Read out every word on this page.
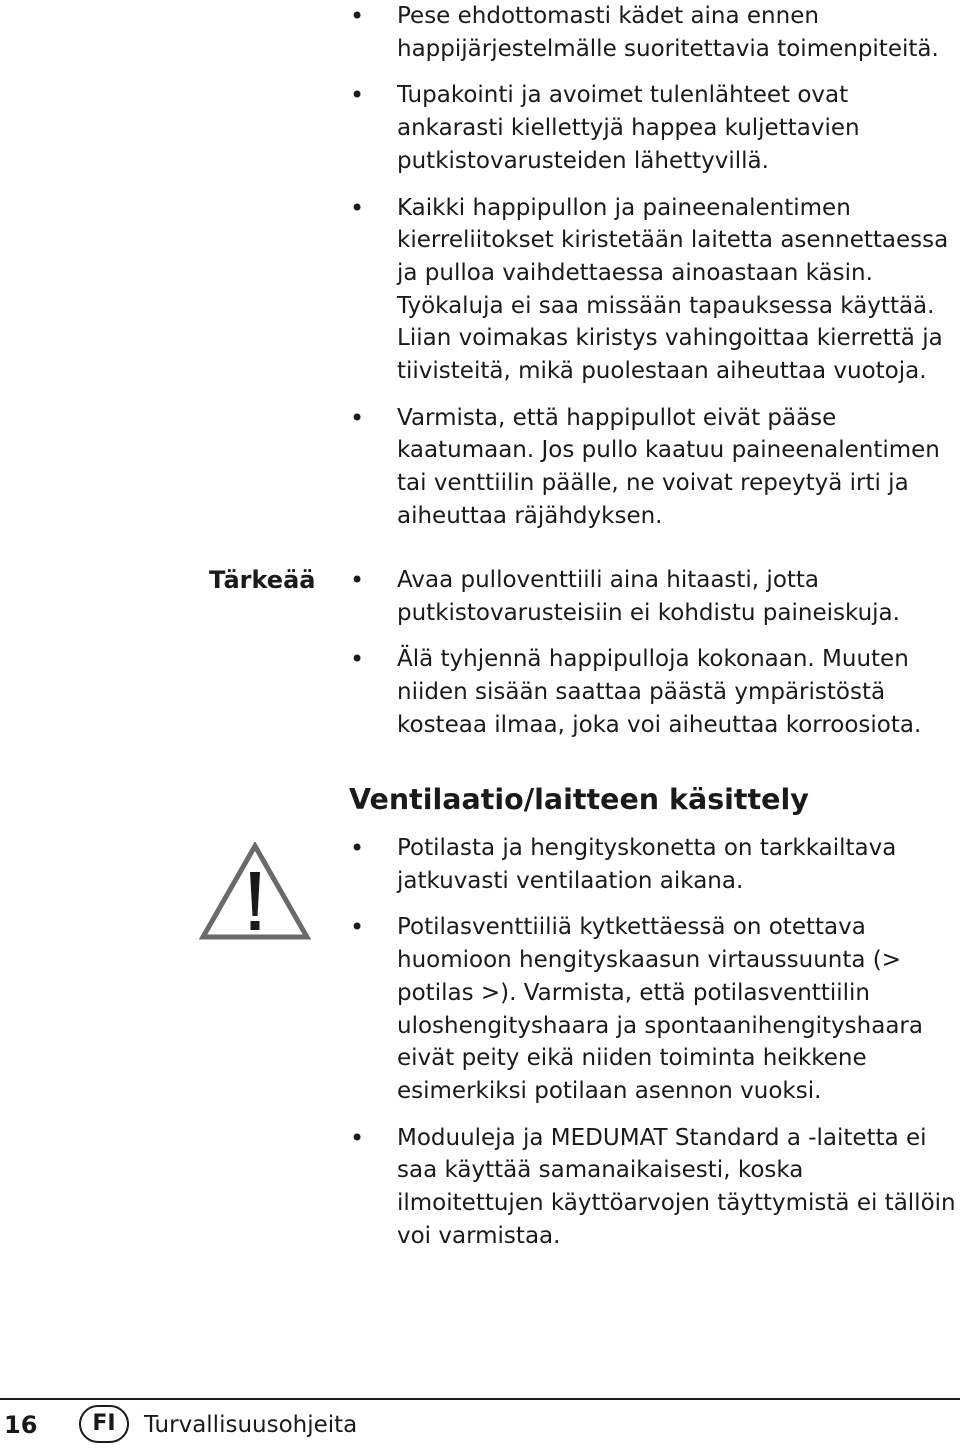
• Pese ehdottomasti kädet aina ennen happijärjestelmälle suoritettavia toimenpiteitä.
• Tupakointi ja avoimet tulenlähteet ovat ankarasti kiellettyjä happea kuljettavien putkistovarusteiden lähettyvillä.
• Kaikki happipullon ja paineenalentimen kierreliitokset kiristetään laitetta asennettaessa ja pulloa vaihdettaessa ainoastaan käsin. Työkaluja ei saa missään tapauksessa käyttää. Liian voimakas kiristys vahingoittaa kierrettä ja tiivisteitä, mikä puolestaan aiheuttaa vuotoja.
• Varmista, että happipullot eivät pääse kaatumaan. Jos pullo kaatuu paineenalentimen tai venttiilin päälle, ne voivat repeytyä irti ja aiheuttaa räjähdyksen.
Tärkeää
•	Avaa pulloventtiili aina hitaasti, jotta putkistovarusteisiin ei kohdistu paineiskuja.
• Älä tyhjennä happipulloja kokonaan. Muuten niiden sisään saattaa päästä ympäristöstä kosteaa ilmaa, joka voi aiheuttaa korroosiota.
Ventilaatio/laitteen käsittely
• Potilasta ja hengityskonetta on tarkkailtava jatkuvasti ventilaation aikana.
• Potilasventtiiliä kytkettäessä on otettava huomioon hengityskaasun virtaussuunta (> potilas >). Varmista, että potilasventtiilin uloshengityshaara ja spontaanihengityshaara eivät peity eikä niiden toiminta heikkene esimerkiksi potilaan asennon vuoksi.
• Moduuleja ja MEDUMAT Standard a -laitetta ei saa käyttää samanaikaisesti, koska ilmoitettujen käyttöarvojen täyttymistä ei tällöin voi varmistaa.
16	FI	Turvallisuusohjeita
